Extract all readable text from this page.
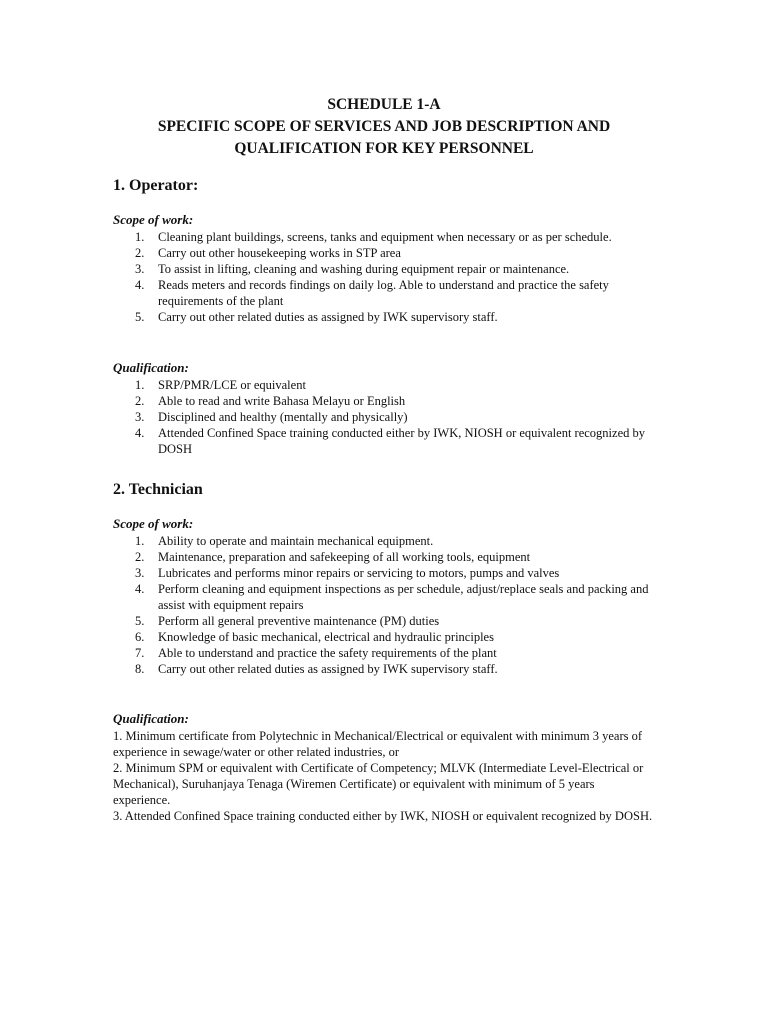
SCHEDULE 1-A
SPECIFIC SCOPE OF SERVICES AND JOB DESCRIPTION AND
QUALIFICATION FOR KEY PERSONNEL
1. Operator:
Scope of work:
1. Cleaning plant buildings, screens, tanks and equipment when necessary or as per schedule.
2. Carry out other housekeeping works in STP area
3. To assist in lifting, cleaning and washing during equipment repair or maintenance.
4. Reads meters and records findings on daily log. Able to understand and practice the safety requirements of the plant
5. Carry out other related duties as assigned by IWK supervisory staff.
Qualification:
1. SRP/PMR/LCE or equivalent
2. Able to read and write Bahasa Melayu or English
3. Disciplined and healthy (mentally and physically)
4. Attended Confined Space training conducted either by IWK, NIOSH or equivalent recognized by DOSH
2. Technician
Scope of work:
1. Ability to operate and maintain mechanical equipment.
2. Maintenance, preparation and safekeeping of all working tools, equipment
3. Lubricates and performs minor repairs or servicing to motors, pumps and valves
4. Perform cleaning and equipment inspections as per schedule, adjust/replace seals and packing and assist with equipment repairs
5. Perform all general preventive maintenance (PM) duties
6. Knowledge of basic mechanical, electrical and hydraulic principles
7. Able to understand and practice the safety requirements of the plant
8. Carry out other related duties as assigned by IWK supervisory staff.
Qualification:

1. Minimum certificate from Polytechnic in Mechanical/Electrical or equivalent with minimum 3 years of experience in sewage/water or other related industries, or

2. Minimum SPM or equivalent with Certificate of Competency; MLVK (Intermediate Level-Electrical or Mechanical), Suruhanjaya Tenaga (Wiremen Certificate) or equivalent with minimum of 5 years experience.

3. Attended Confined Space training conducted either by IWK, NIOSH or equivalent recognized by DOSH.
